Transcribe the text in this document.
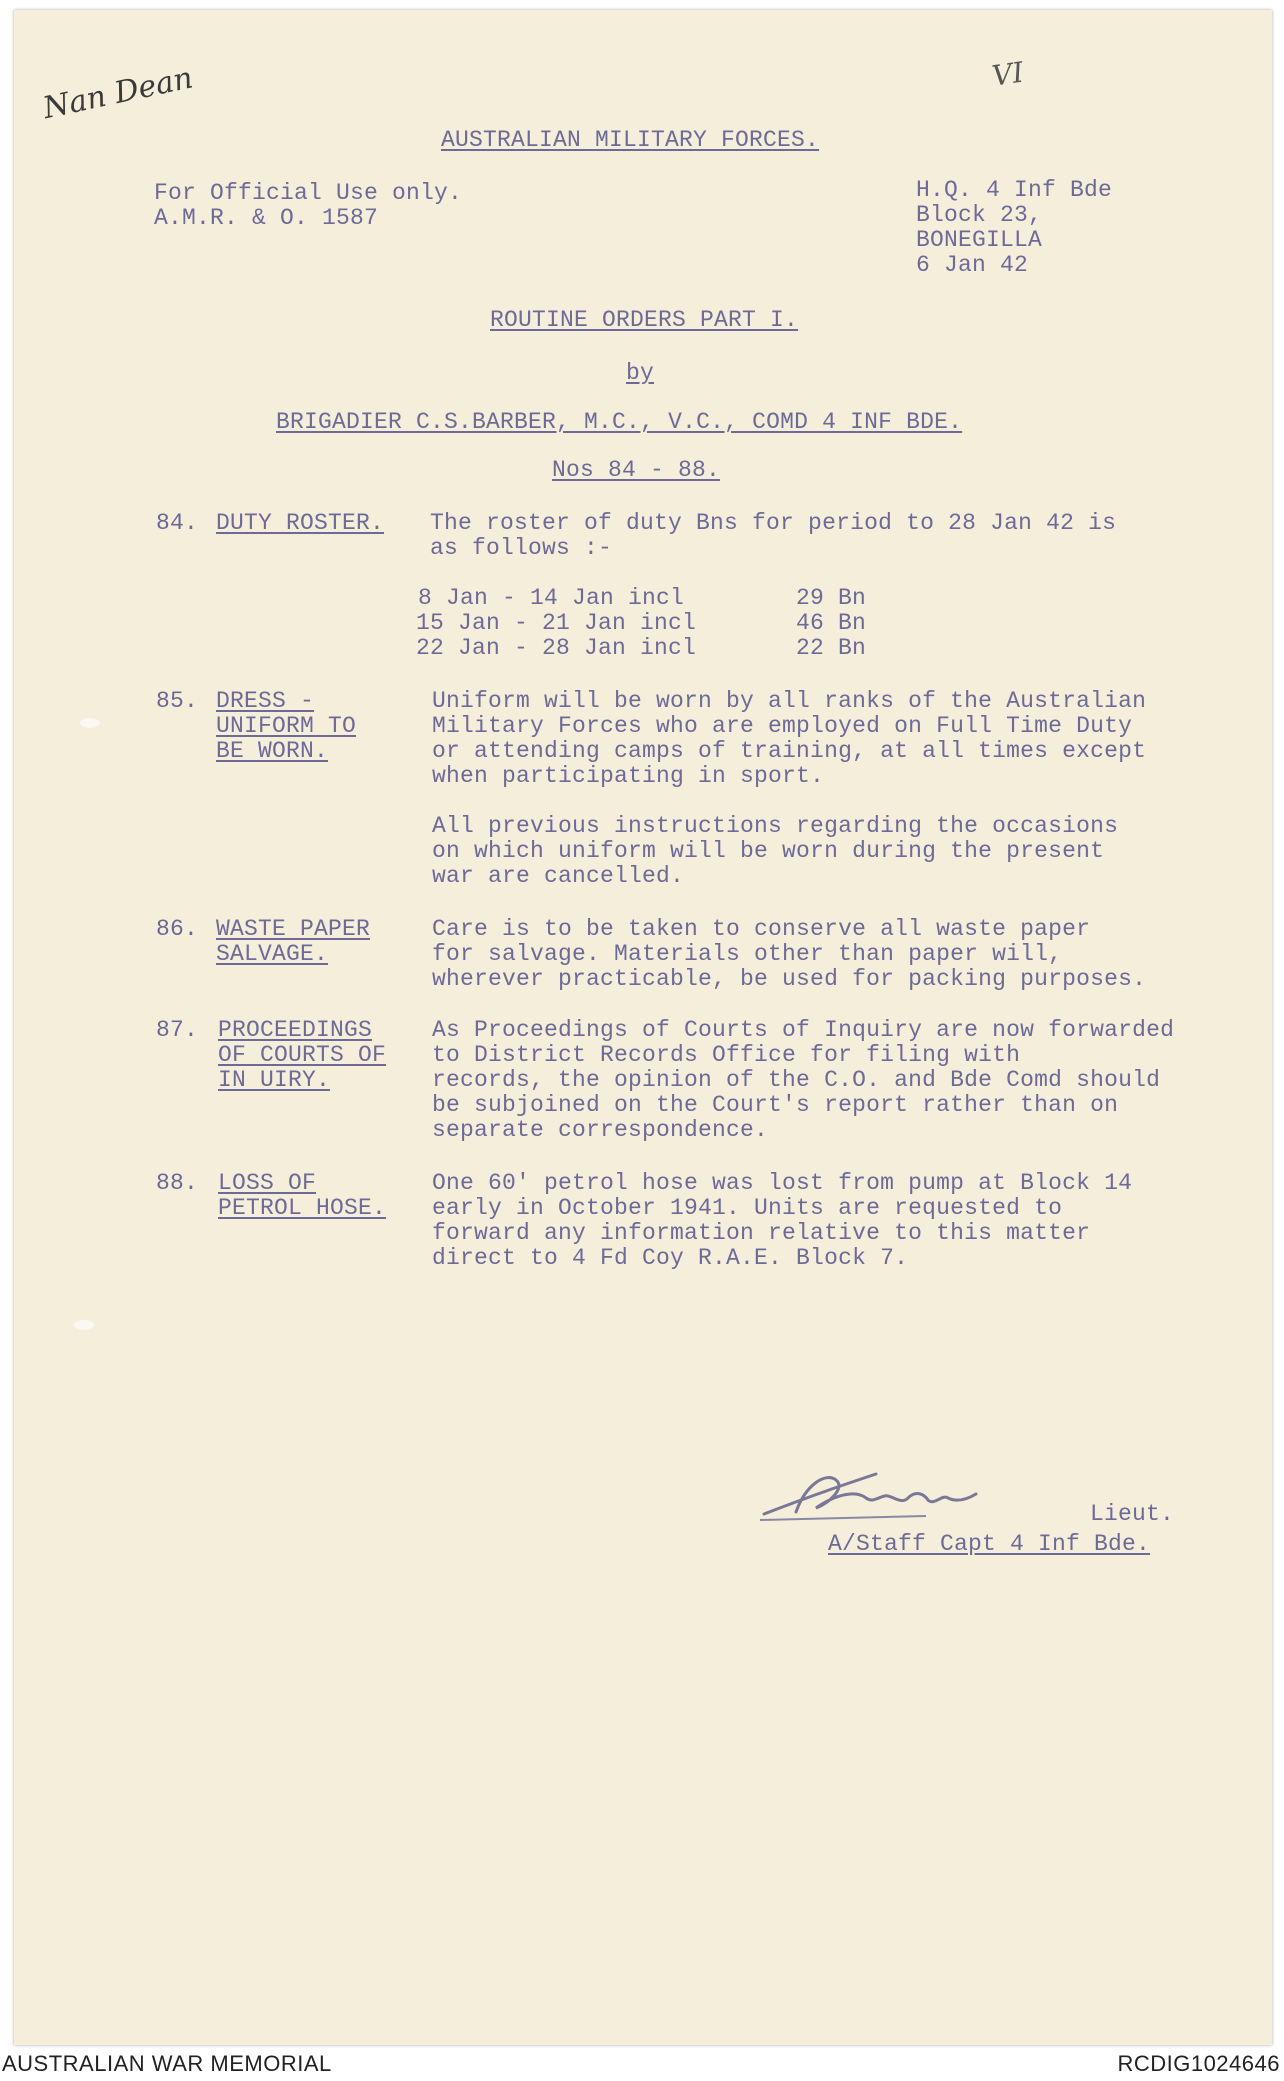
Nan Dean	VI
AUSTRALIAN MILITARY FORCES.
For Official Use only.
A.M.R. & O. 1587
H.Q. 4 Inf Bde
Block 23,
BONEGILLA
6 Jan 42
ROUTINE ORDERS PART I.
by
BRIGADIER C.S.BARBER, M.C., V.C., COMD 4 INF BDE.
Nos 84 - 88.
84. DUTY ROSTER. The roster of duty Bns for period to 28 Jan 42 is
as follows :-
8 Jan - 14 Jan incl	29 Bn
15 Jan - 21 Jan incl	46 Bn
22 Jan - 28 Jan incl	22 Bn
85. DRESS -
UNIFORM TO
BE WORN.
Uniform will be worn by all ranks of the Australian
Military Forces who are employed on Full Time Duty
or attending camps of training, at all times except
when participating in sport.
All previous instructions regarding the occasions
on which uniform will be worn during the present
war are cancelled.
86. WASTE PAPER
SALVAGE.
Care is to be taken to conserve all waste paper
for salvage. Materials other than paper will,
wherever practicable, be used for packing purposes.
87. PROCEEDINGS
OF COURTS OF
IN UIRY.
As Proceedings of Courts of Inquiry are now forwarded
to District Records Office for filing with
records, the opinion of the C.O. and Bde Comd should
be subjoined on the Court's report rather than on
separate correspondence.
88. LOSS OF
PETROL HOSE.
One 60' petrol hose was lost from pump at Block 14
early in October 1941. Units are requested to
forward any information relative to this matter
direct to 4 Fd Coy R.A.E. Block 7.
Lieut.
A/Staff Capt 4 Inf Bde.
AUSTRALIAN WAR MEMORIAL	RCDIG1024646
